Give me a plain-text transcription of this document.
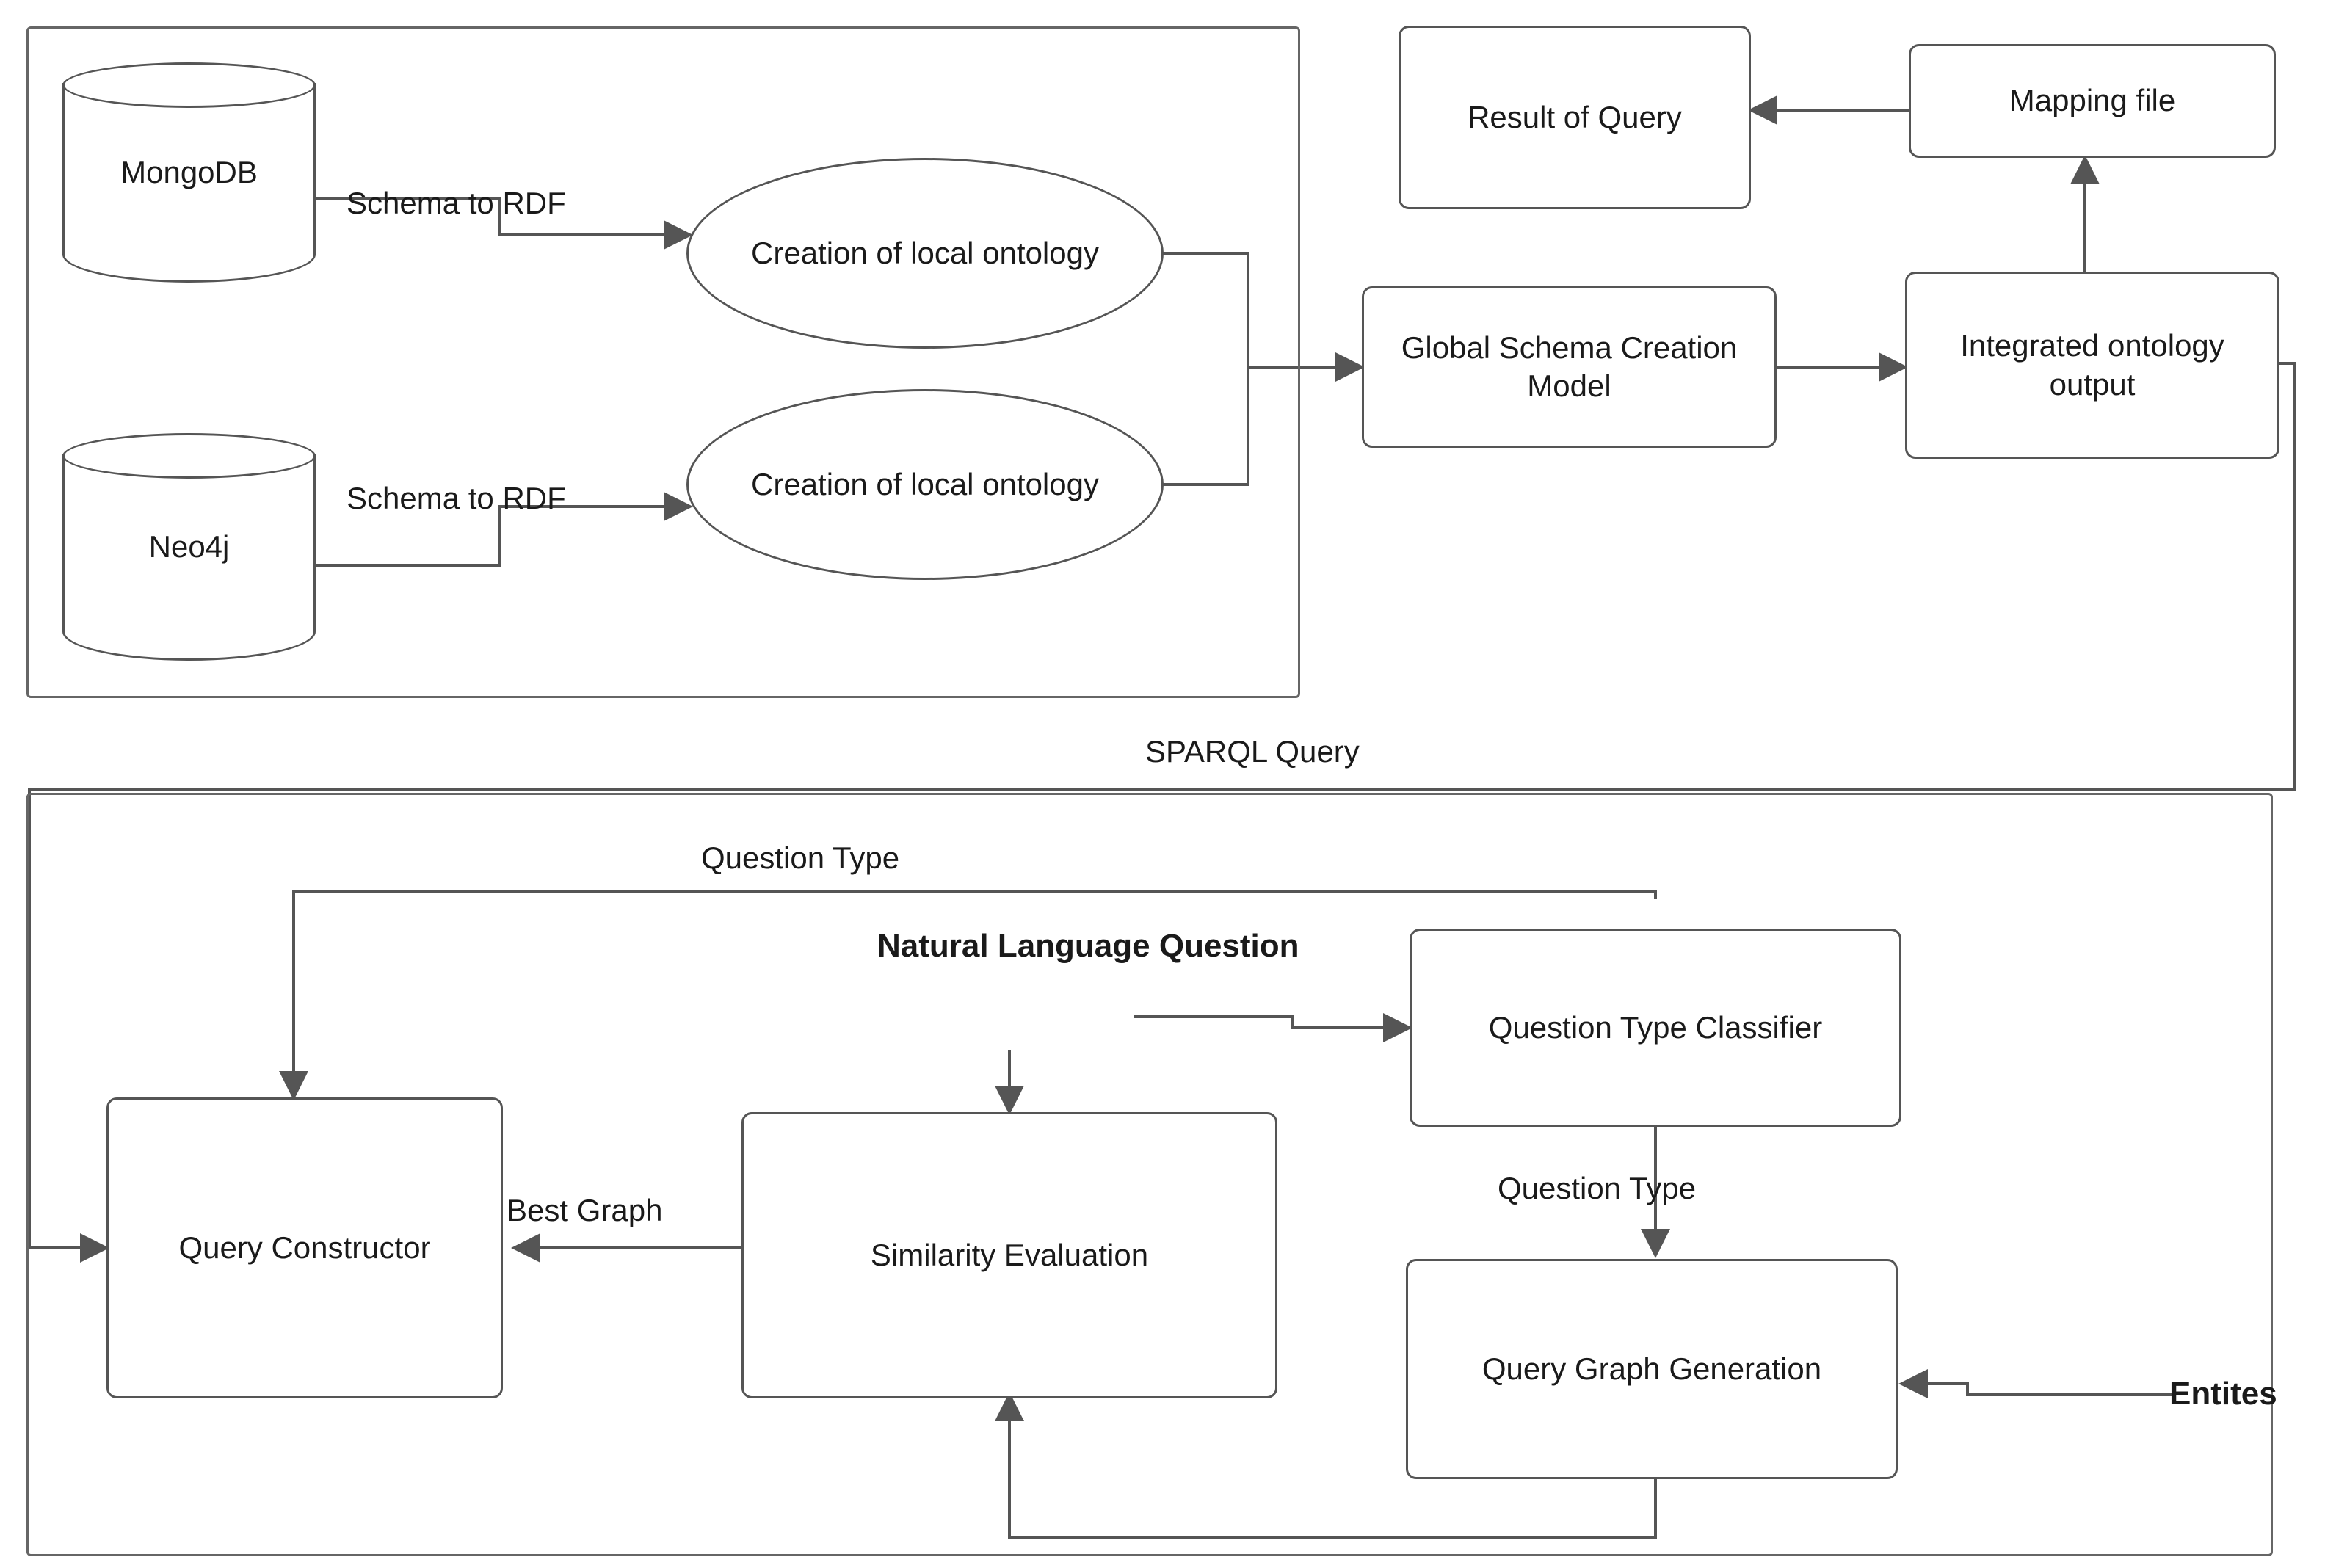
MongoDB
Neo4j
Schema to RDF
Schema to RDF
Creation of local ontology
Creation of local ontology
Global Schema Creation Model
Integrated ontology output
Mapping file
Result of Query
SPARQL Query
Question Type
Natural Language Question
Question Type Classifier
Question Type
Query Graph Generation
Entites
Similarity Evaluation
Best Graph
Query Constructor
